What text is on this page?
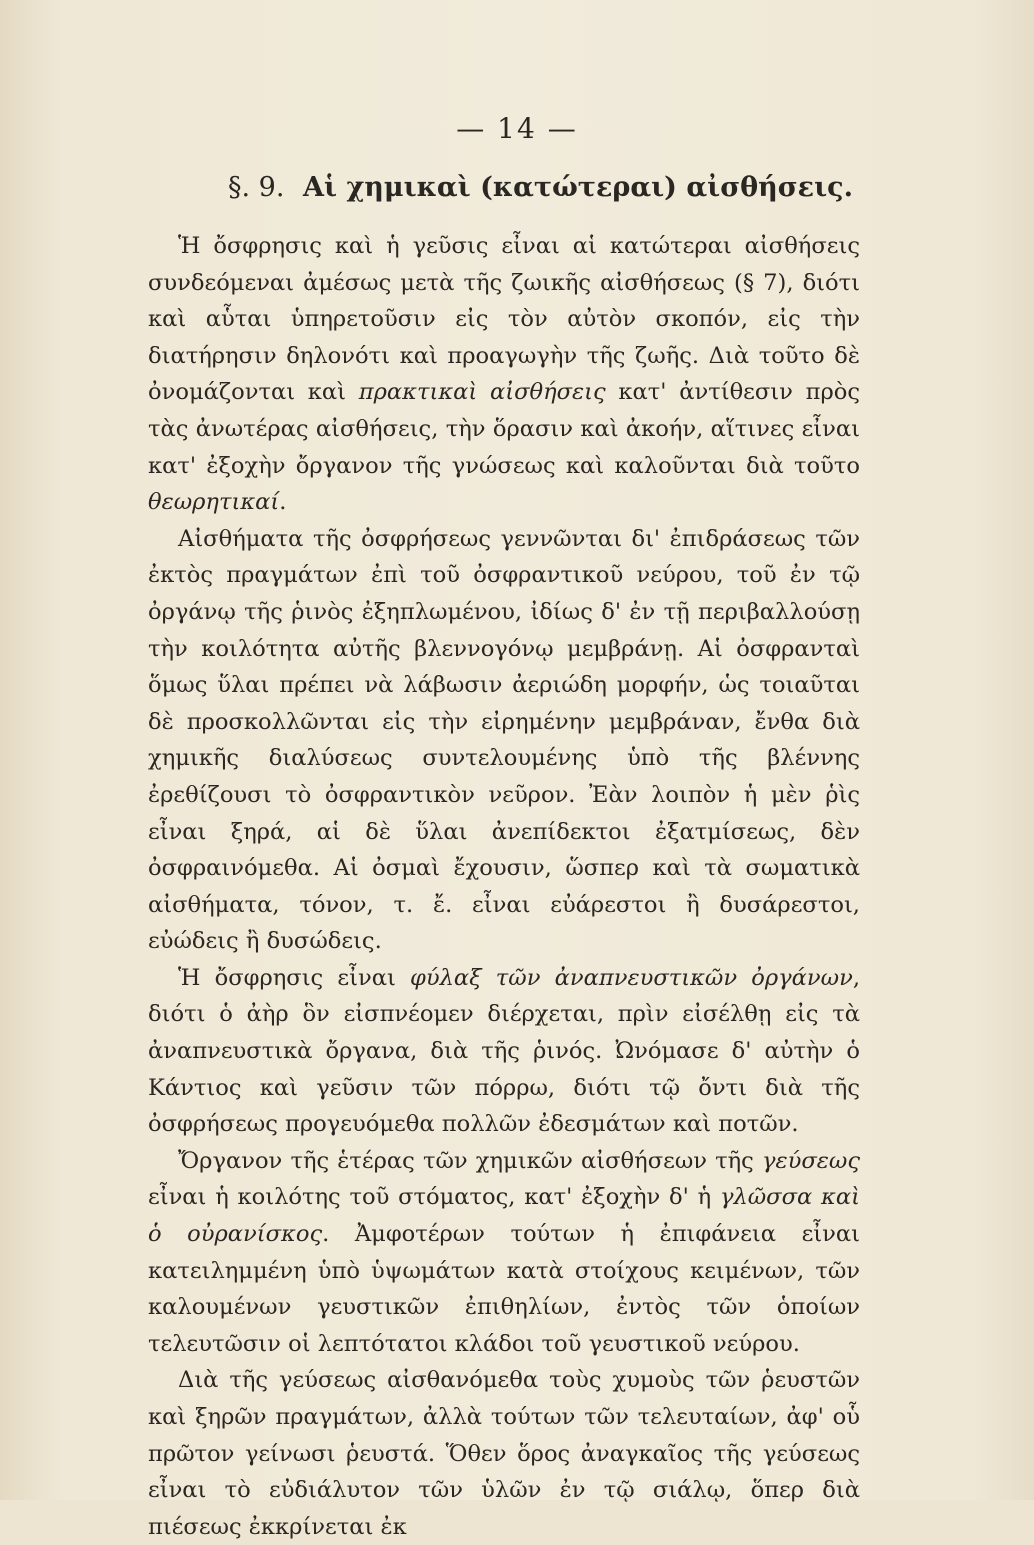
— 14 —
§. 9. Αἱ χημικαὶ (κατώτεραι) αἰσθήσεις.

Ἡ ὄσφρησις καὶ ἡ γεῦσις εἶναι αἱ κατώτεραι αἰσθήσεις συνδεόμεναι ἀμέσως μετὰ τῆς ζωικῆς αἰσθήσεως (§ 7), διότι καὶ αὗται ὑπηρετοῦσιν εἰς τὸν αὐτὸν σκοπόν, εἰς τὴν διατήρησιν δηλονότι καὶ προαγωγὴν τῆς ζωῆς. Διὰ τοῦτο δὲ ὀνομάζονται καὶ πρακτικαὶ αἰσθήσεις κατ' ἀντίθεσιν πρὸς τὰς ἀνωτέρας αἰσθήσεις, τὴν ὅρασιν καὶ ἀκοήν, αἵτινες εἶναι κατ' ἐξοχὴν ὄργανον τῆς γνώσεως καὶ καλοῦνται διὰ τοῦτο θεωρητικαί.

Αἰσθήματα τῆς ὀσφρήσεως γεννῶνται δι' ἐπιδράσεως τῶν ἐκτὸς πραγμάτων ἐπὶ τοῦ ὀσφραντικοῦ νεύρου, τοῦ ἐν τῷ ὀργάνῳ τῆς ῥινὸς ἐξηπλωμένου, ἰδίως δ' ἐν τῇ περιβαλλούσῃ τὴν κοιλότητα αὐτῆς βλεννογόνῳ μεμβράνῃ. Αἱ ὀσφρανταὶ ὅμως ὕλαι πρέπει νὰ λάβωσιν ἀεριώδη μορφήν, ὡς τοιαῦται δὲ προσκολλῶνται εἰς τὴν εἰρημένην μεμβράναν, ἔνθα διὰ χημικῆς διαλύσεως συντελουμένης ὑπὸ τῆς βλέννης ἐρεθίζουσι τὸ ὀσφραντικὸν νεῦρον. Ἐὰν λοιπὸν ἡ μὲν ῥὶς εἶναι ξηρά, αἱ δὲ ὕλαι ἀνεπίδεκτοι ἐξατμίσεως, δὲν ὀσφραινόμεθα. Αἱ ὀσμαὶ ἔχουσιν, ὥσπερ καὶ τὰ σωματικὰ αἰσθήματα, τόνον, τ. ἔ. εἶναι εὐάρεστοι ἢ δυσάρεστοι, εὐώδεις ἢ δυσώδεις.

Ἡ ὄσφρησις εἶναι φύλαξ τῶν ἀναπνευστικῶν ὀργάνων, διότι ὁ ἀὴρ ὃν εἰσπνέομεν διέρχεται, πρὶν εἰσέλθῃ εἰς τὰ ἀναπνευστικὰ ὄργανα, διὰ τῆς ῥινός. Ὠνόμασε δ' αὐτὴν ὁ Κάντιος καὶ γεῦσιν τῶν πόρρω, διότι τῷ ὄντι διὰ τῆς ὀσφρήσεως προγευόμεθα πολλῶν ἐδεσμάτων καὶ ποτῶν.

Ὄργανον τῆς ἑτέρας τῶν χημικῶν αἰσθήσεων τῆς γεύσεως εἶναι ἡ κοιλότης τοῦ στόματος, κατ' ἐξοχὴν δ' ἡ γλῶσσα καὶ ὁ οὐρανίσκος. Ἀμφοτέρων τούτων ἡ ἐπιφάνεια εἶναι κατειλημμένη ὑπὸ ὑψωμάτων κατὰ στοίχους κειμένων, τῶν καλουμένων γευστικῶν ἐπιθηλίων, ἐντὸς τῶν ὁποίων τελευτῶσιν οἱ λεπτότατοι κλάδοι τοῦ γευστικοῦ νεύρου.

Διὰ τῆς γεύσεως αἰσθανόμεθα τοὺς χυμοὺς τῶν ῥευστῶν καὶ ξηρῶν πραγμάτων, ἀλλὰ τούτων τῶν τελευταίων, ἀφ' οὗ πρῶτον γείνωσι ῥευστά. Ὅθεν ὅρος ἀναγκαῖος τῆς γεύσεως εἶναι τὸ εὐδιάλυτον τῶν ὑλῶν ἐν τῷ σιάλῳ, ὅπερ διὰ πιέσεως ἐκκρίνεται ἐκ
